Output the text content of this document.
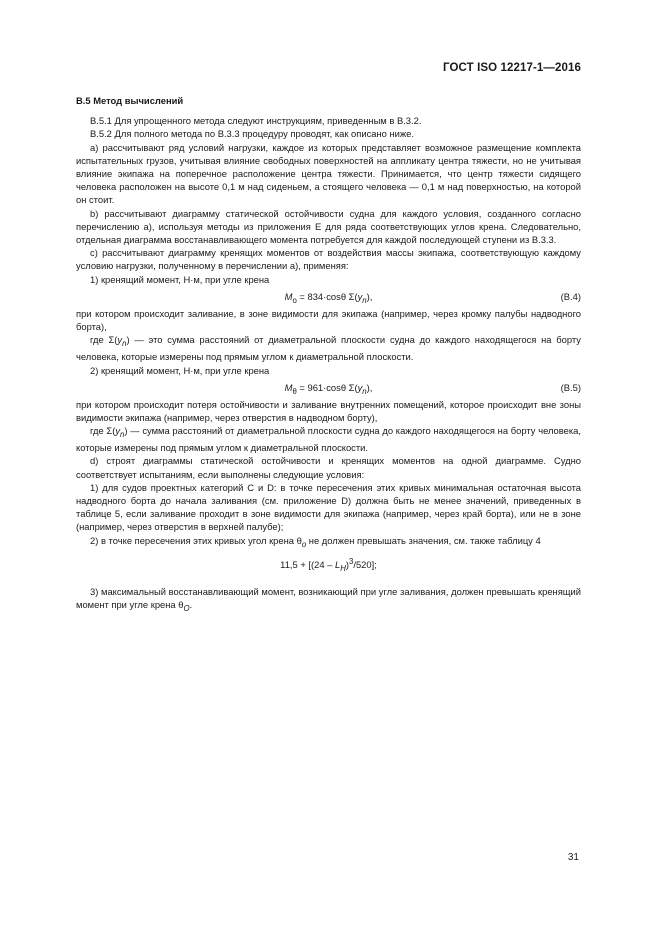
ГОСТ ISO 12217-1—2016

B.5 Метод вычислений

B.5.1 Для упрощенного метода следуют инструкциям, приведенным в B.3.2.

B.5.2 Для полного метода по B.3.3 процедуру проводят, как описано ниже.

a) рассчитывают ряд условий нагрузки, каждое из которых представляет возможное размещение комплекта испытательных грузов, учитывая влияние свободных поверхностей на аппликату центра тяжести, но не учитывая влияние экипажа на поперечное расположение центра тяжести. Принимается, что центр тяжести сидящего человека расположен на высоте 0,1 м над сиденьем, а стоящего человека — 0,1 м над поверхностью, на которой он стоит.

b) рассчитывают диаграмму статической остойчивости судна для каждого условия, созданного согласно перечислению a), используя методы из приложения E для ряда соответствующих углов крена. Следовательно, отдельная диаграмма восстанавливающего момента потребуется для каждой последующей ступени из B.3.3.

c) рассчитывают диаграмму кренящих моментов от воздействия массы экипажа, соответствующую каждому условию нагрузки, полученному в перечислении a), применяя:

1) кренящий момент, Н·м, при угле крена

$M_o = 834\cdot\cos\theta$ $\Sigma(y_n)$,	(B.4)

при котором происходит заливание, в зоне видимости для экипажа (например, через кромку палубы надводного борта),

где $\Sigma(y_n)$ — это сумма расстояний от диаметральной плоскости судна до каждого находящегося на борту человека, которые измерены под прямым углом к диаметральной плоскости.

2) кренящий момент, Н·м, при угле крена

$M_\theta = 961\cdot\cos\theta$ $\Sigma(y_n)$,	(B.5)

при котором происходит потеря остойчивости и заливание внутренних помещений, которое происходит вне зоны видимости экипажа (например, через отверстия в надводном борту),

где $\Sigma(y_n)$ — сумма расстояний от диаметральной плоскости судна до каждого находящегося на борту человека, которые измерены под прямым углом к диаметральной плоскости.

d) строят диаграммы статической остойчивости и кренящих моментов на одной диаграмме. Судно соответствует испытаниям, если выполнены следующие условия:

1) для судов проектных категорий C и D: в точке пересечения этих кривых минимальная остаточная высота надводного борта до начала заливания (см. приложение D) должна быть не менее значений, приведенных в таблице 5, если заливание проходит в зоне видимости для экипажа (например, через край борта), или не в зоне (например, через отверстия в верхней палубе);

2) в точке пересечения этих кривых угол крена $\theta_o$ не должен превышать значения, см. также таблицу 4

$11,5 + [(24 - L_H)^3/520]$;

3) максимальный восстанавливающий момент, возникающий при угле заливания, должен превышать кренящий момент при угле крена $\theta_O$.

31
